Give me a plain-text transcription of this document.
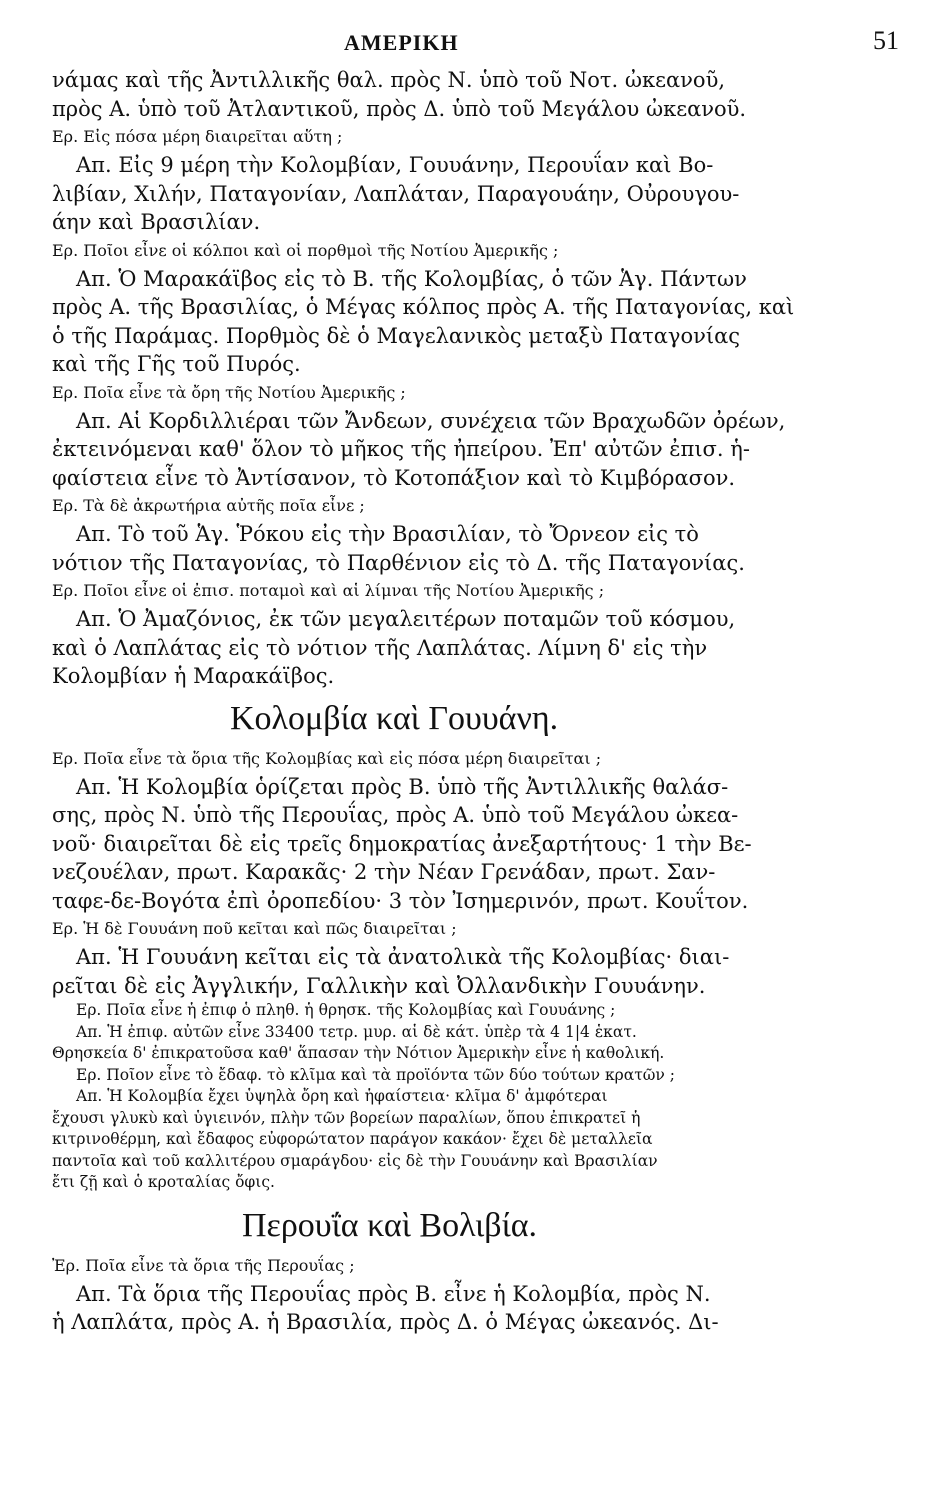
ΑΜΕΡΙΚΗ	51
νάμας καὶ τῆς Ἀντιλλικῆς θαλ. πρὸς Ν. ὑπὸ τοῦ Νοτ. ὠκεανοῦ,
πρὸς Α. ὑπὸ τοῦ Ἀτλαντικοῦ, πρὸς Δ. ὑπὸ τοῦ Μεγάλου ὠκεανοῦ.
Ερ. Εἰς πόσα μέρη διαιρεῖται αὕτη ;
Απ. Εἰς 9 μέρη τὴν Κολομβίαν, Γουυάνην, Περουΐαν καὶ Βο-
λιβίαν, Χιλήν, Παταγονίαν, Λαπλάταν, Παραγουάην, Οὐρουγου-
άην καὶ Βρασιλίαν.
Ερ. Ποῖοι εἶνε οἱ κόλποι καὶ οἱ πορθμοὶ τῆς Νοτίου Ἀμερικῆς ;
Απ. Ὁ Μαρακάϊβος εἰς τὸ Β. τῆς Κολομβίας, ὁ τῶν Ἁγ. Πάντων
πρὸς Α. τῆς Βρασιλίας, ὁ Μέγας κόλπος πρὸς Α. τῆς Παταγονίας, καὶ
ὁ τῆς Παράμας. Πορθμὸς δὲ ὁ Μαγελανικὸς μεταξὺ Παταγονίας
καὶ τῆς Γῆς τοῦ Πυρός.
Ερ. Ποῖα εἶνε τὰ ὄρη τῆς Νοτίου Ἀμερικῆς ;
Απ. Αἱ Κορδιλλιέραι τῶν Ἄνδεων, συνέχεια τῶν Βραχωδῶν ὀρέων,
ἐκτεινόμεναι καθ' ὅλον τὸ μῆκος τῆς ἠπείρου. Ἐπ' αὐτῶν ἐπισ. ἡ-
φαίστεια εἶνε τὸ Ἀντίσανον, τὸ Κοτοπάξιον καὶ τὸ Κιμβόρασον.
Ερ. Τὰ δὲ ἀκρωτήρια αὐτῆς ποῖα εἶνε ;
Απ. Τὸ τοῦ Ἁγ. Ῥόκου εἰς τὴν Βρασιλίαν, τὸ Ὄρνεον εἰς τὸ
νότιον τῆς Παταγονίας, τὸ Παρθένιον εἰς τὸ Δ. τῆς Παταγονίας.
Ερ. Ποῖοι εἶνε οἱ ἐπισ. ποταμοὶ καὶ αἱ λίμναι τῆς Νοτίου Ἀμερικῆς ;
Απ. Ὁ Ἀμαζόνιος, ἐκ τῶν μεγαλειτέρων ποταμῶν τοῦ κόσμου,
καὶ ὁ Λαπλάτας εἰς τὸ νότιον τῆς Λαπλάτας. Λίμνη δ' εἰς τὴν
Κολομβίαν ἡ Μαρακάϊβος.
Κολομβία καὶ Γουυάνη.
Ερ. Ποῖα εἶνε τὰ ὅρια τῆς Κολομβίας καὶ εἰς πόσα μέρη διαιρεῖται ;
Απ. Ἡ Κολομβία ὁρίζεται πρὸς Β. ὑπὸ τῆς Ἀντιλλικῆς θαλάσ-
σης, πρὸς Ν. ὑπὸ τῆς Περουΐας, πρὸς Α. ὑπὸ τοῦ Μεγάλου ὠκεα-
νοῦ· διαιρεῖται δὲ εἰς τρεῖς δημοκρατίας ἀνεξαρτήτους· 1 τὴν Βε-
νεζουέλαν, πρωτ. Καρακᾶς· 2 τὴν Νέαν Γρενάδαν, πρωτ. Σαν-
ταφε-δε-Βογότα ἐπὶ ὀροπεδίου· 3 τὸν Ἰσημερινόν, πρωτ. Κουΐτον.
Ερ. Ἡ δὲ Γουυάνη ποῦ κεῖται καὶ πῶς διαιρεῖται ;
Απ. Ἡ Γουυάνη κεῖται εἰς τὰ ἀνατολικὰ τῆς Κολομβίας· διαι-
ρεῖται δὲ εἰς Ἀγγλικήν, Γαλλικὴν καὶ Ὀλλανδικὴν Γουυάνην.
Ερ. Ποῖα εἶνε ἡ ἐπιφ ὁ πληθ. ἡ θρησκ. τῆς Κολομβίας καὶ Γουυάνης ;
Απ. Ἡ ἐπιφ. αὐτῶν εἶνε 33400 τετρ. μυρ. αἱ δὲ κάτ. ὑπὲρ τὰ 4 1|4 ἑκατ.
Θρησκεία δ' ἐπικρατοῦσα καθ' ἅπασαν τὴν Νότιον Ἀμερικὴν εἶνε ἡ καθολική.
Ερ. Ποῖον εἶνε τὸ ἔδαφ. τὸ κλῖμα καὶ τὰ προϊόντα τῶν δύο τούτων κρατῶν ;
Απ. Ἡ Κολομβία ἔχει ὑψηλὰ ὄρη καὶ ἡφαίστεια· κλῖμα δ' ἀμφότεραι
ἔχουσι γλυκὺ καὶ ὑγιεινόν, πλὴν τῶν βορείων παραλίων, ὅπου ἐπικρατεῖ ἡ
κιτρινοθέρμη, καὶ ἔδαφος εὐφορώτατον παράγον κακάον· ἔχει δὲ μεταλλεῖα
παντοῖα καὶ τοῦ καλλιτέρου σμαράγδου· εἰς δὲ τὴν Γουυάνην καὶ Βρασιλίαν
ἔτι ζῇ καὶ ὁ κροταλίας ὄφις.
Περουΐα καὶ Βολιβία.
Ἐρ. Ποῖα εἶνε τὰ ὅρια τῆς Περουΐας ;
Απ. Τὰ ὅρια τῆς Περουΐας πρὸς Β. εἶνε ἡ Κολομβία, πρὸς Ν.
ἡ Λαπλάτα, πρὸς Α. ἡ Βρασιλία, πρὸς Δ. ὁ Μέγας ὠκεανός. Δι-
